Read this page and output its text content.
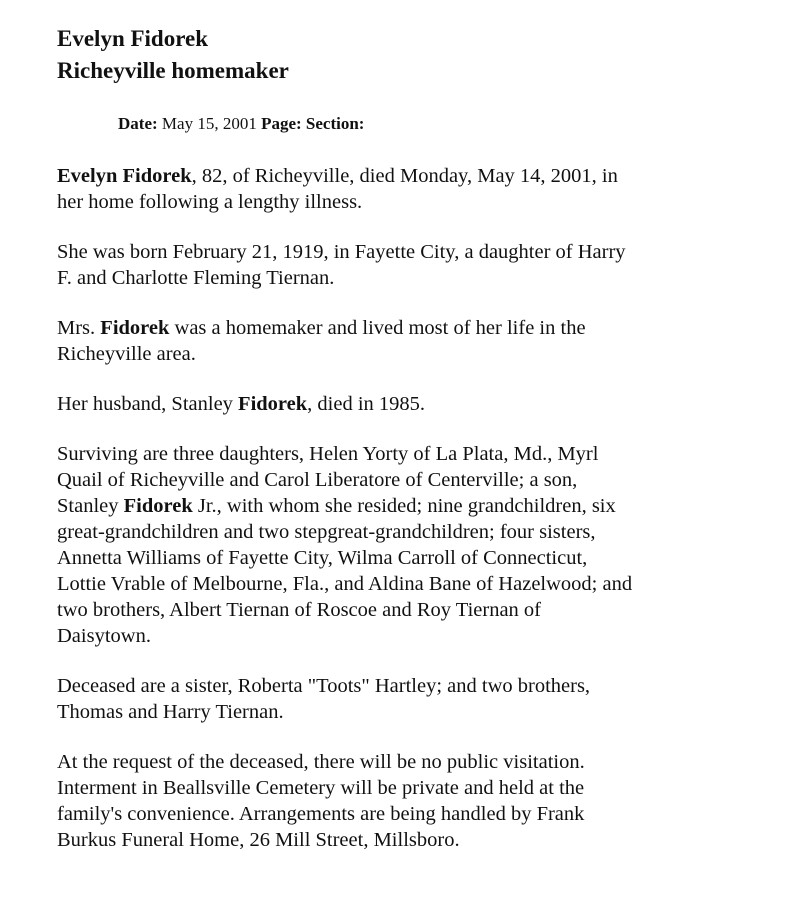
Evelyn Fidorek
Richeyville homemaker

Date: May 15, 2001 Page: Section:

Evelyn Fidorek, 82, of Richeyville, died Monday, May 14, 2001, in
her home following a lengthy illness.

She was born February 21, 1919, in Fayette City, a daughter of Harry
F. and Charlotte Fleming Tiernan.

Mrs. Fidorek was a homemaker and lived most of her life in the
Richeyville area.

Her husband, Stanley Fidorek, died in 1985.

Surviving are three daughters, Helen Yorty of La Plata, Md., Myrl
Quail of Richeyville and Carol Liberatore of Centerville; a son,
Stanley Fidorek Jr., with whom she resided; nine grandchildren, six
great-grandchildren and two stepgreat-grandchildren; four sisters,
Annetta Williams of Fayette City, Wilma Carroll of Connecticut,
Lottie Vrable of Melbourne, Fla., and Aldina Bane of Hazelwood; and
two brothers, Albert Tiernan of Roscoe and Roy Tiernan of
Daisytown.

Deceased are a sister, Roberta "Toots" Hartley; and two brothers,
Thomas and Harry Tiernan.

At the request of the deceased, there will be no public visitation.
Interment in Beallsville Cemetery will be private and held at the
family's convenience. Arrangements are being handled by Frank
Burkus Funeral Home, 26 Mill Street, Millsboro.
